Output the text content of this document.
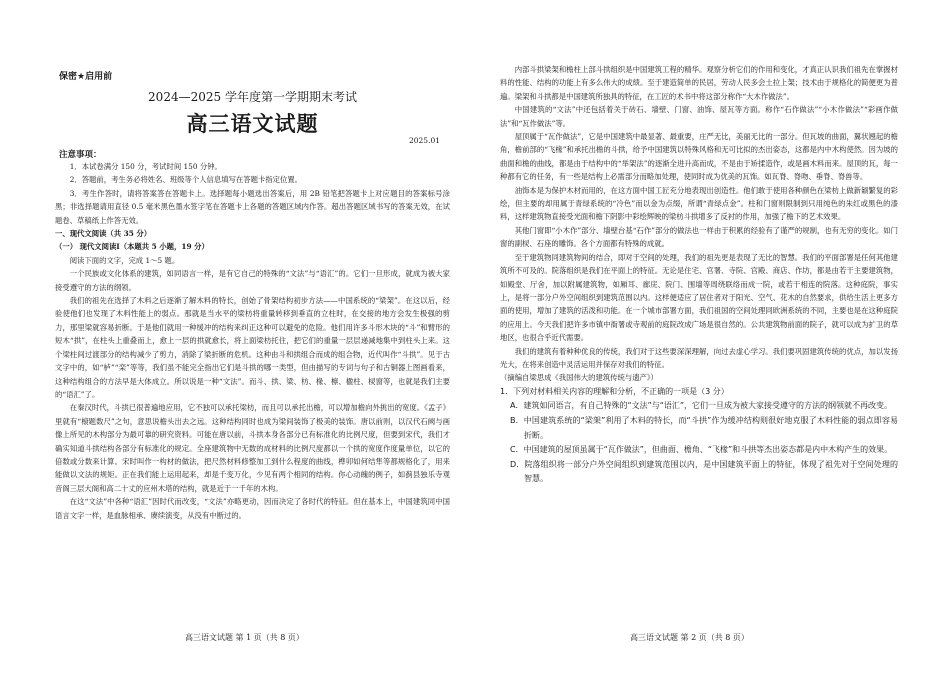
保密★启用前
2024—2025 学年度第一学期期末考试
高三语文试题
2025.01
注意事项：

1．本试卷满分 150 分，考试时间 150 分钟。

2．答题前，考生务必将姓名、班级等个人信息填写在答题卡指定位置。

3．考生作答时，请将答案答在答题卡上。选择题每小题选出答案后，用 2B 铅笔把答题卡上对应题目的答案标号涂黑；非选择题请用直径 0.5 毫米黑色墨水签字笔在答题卡上各题的答题区域内作答。超出答题区域书写的答案无效，在试题卷、草稿纸上作答无效。

一、现代文阅读（共 35 分）

（一） 现代文阅读Ⅰ（本题共 5 小题，19 分）

阅读下面的文字，完成 1～5 题。

一个民族或文化体系的建筑，如同语言一样，是有它自己的特殊的“文法”与“语汇”的。它们一旦形成，就成为被大家接受遵守的方法的纲领。

我们的祖先在选择了木料之后逐渐了解木料的特长，创始了骨架结构初步方法——中国系统的“梁架”。在这以后，经验使他们也发现了木料性能上的弱点。那就是当水平的梁枋将重量转移到垂直的立柱时，在交接的地方会发生极强的剪力，那里梁就容易折断。于是他们就用一种缓冲的结构来纠正这种可以避免的危险。他们用许多斗形木块的“斗”和臂形的短木“拱”，在柱头上重叠而上，愈上一层的拱就愈长，将上面梁枋托住，把它们的重量一层层递减地集中到柱头上来。这个梁柱间过渡部分的结构减少了剪力，消除了梁折断的危机。这种由斗和拱组合而成的组合物，近代叫作“斗拱”。见于古文字中的，如“栌”“栾”等等，我们虽不能完全指出它们是斗拱的哪一类型，但由描写的专词与句子和古铜器上图画看来，这种结构组合的方法早是大体成立。所以说是一种“文法”。而斗、拱、梁、枋、椽、檩、楹柱、棂窗等，也就是我们主要的“语汇”了。

在秦汉时代，斗拱已很普遍地应用，它不独可以承托梁枋，而且可以承托出檐，可以增加檐向外挑出的宽度。《孟子》里就有“榱题数尺”之句，意思说檐头出去之远。这种结构同时也成为梁间装饰了极美的装饰。唐以前则，以汉代石阙与画像上所见的木构部分为最可靠的研究资料。可能在唐以前，斗拱本身各部分已有标准化的比例尺度，但要到宋代，我们才确实知道斗拱结构各部分有标准化的规定。全座建筑物中无数的成材料的比例尺度都以一个拱的宽度作度量单位，以它的倍数或分数来计算。宋时叫作一构材的做法，把尺然材料修整加工到什么程度的曲线，榫卯如何结隼等都规格化了，用来能做以文法的规矩。正在我们能上运用起来，却是千变万化，少见有两个相同的结构。你心动魄的例子，如蓟县独乐寺观音阁三层大阁和高二十丈的应州木塔的结构，就是近于一千年的木构。

在这“文法”中各种“语汇”因时代而改变，“文法”亦略更动，因而决定了各时代的特征。但在基本上，中国建筑同中国语言文字一样，是血脉相承、赓续演变，从没有中断过的。

高三语文试题 第 1 页（共 8 页）

内部斗拱梁架和檐柱上部斗拱组织是中国建筑工程的精华。观察分析它们的作用和变化，才真正认识我们祖先在掌握材料的性能、结构的功能上有多么伟大的成绩。至于建造简单的民居，劳动人民多会土拉上架；技术由于规格化的简便更为普遍。梁架和斗拱都是中国建筑所独具的特征，在工匠的术书中将这部分称作“大木作做法”。

中国建筑的“文法”中还包括着关于砖石、墙壁、门窗、油饰、屋瓦等方面。称作“石作做法”“小木作做法”“彩画作做法”和“瓦作做法”等。

屋顶属于“瓦作做法”，它是中国建筑中最显著、最重要，庄严无比，美丽无比的一部分。但瓦坡的曲面，翼状翘起的檐角，檐前部的“飞椽”和承托出檐的斗拱，给予中国建筑以特殊风格和无可比拟的杰出姿态，这都是内中木构使然。因为坡的曲面和檐的曲线，都是由于结构中的“举架法”的逐渐全进升高而成，不是由于矫揉造作，或是画木料而来。屋顶的瓦，每一种都有它的任务，有一些是结构上必需部分而略加处理，使同时成为优美的瓦饰。如瓦脊、脊吻、垂脊、脊兽等。

油饰本是为保护木材而用的，在这方面中国工匠充分地表现出创造性。他们敢于使用各种颜色在梁枋上做新颖繁复的彩绘，但主要的却用属于青绿系统的“冷色”而以金为点缀，所谓“青绿点金”。柱和门窗则限制到只用纯色的朱红或黑色的漆料，这样建筑物直接受光面和檐下阴影中彩绘辉映的梁枋斗拱增多了反衬的作用，加强了檐下的艺术效果。

其他门窗即“小木作”部分、墙壁台基“石作”部分的做法也一样由于积累的经验有了谨严的规制，也有无穷的变化。如门窗的副棂、石座的雕饰。各个方面都有特殊的成就。

至于建筑物同建筑物间的结合，即对于空间的处理，我们的祖先更是表现了无比的智慧。我们的平面部署是任何其他建筑所不可及的。院落组织是我们在平面上的特征。无论是住宅、官署、寺院、宫殿、商店、作坊，都是由若干主要建筑物，如殿堂、厅舍，加以附属建筑物，如厢耳、廊庑、院门、围墙等周绕联络而成一院，或若干相连的院落。这种庭院，事实上，是将一部分户外空间组织到建筑范围以内。这样便适应了居住者对于阳光、空气、花木的自然要求，供给生活上更多方面的使用，增加了建筑的活泼和功能。在一个城市部署方面，我们祖国的空间处理同欧洲系统的不同，主要也是在这种庭院的应用上。今天我们把许多市镇中衙署或寺观前的庭院改成广场是很自然的。公共建筑物前面的院子，就可以成为扩卫的草地区，也很合乎近代需要。

我们的建筑有着种种优良的传统，我们对于这些要深深理解，向过去虚心学习。我们要巩固建筑传统的优点，加以发扬光大，在将来创造中灵活运用并保存对我们的特征。

（摘编自梁思成《我国伟大的建筑传统与遗产》）

1．下列对材料相关内容的理解和分析，不正确的一项是（3 分）

A．建筑如同语言，有自己特殊的“文法”与“语汇”，它们一旦成为被大家接受遵守的方法的纲领就不再改变。

B．中国建筑系统的“梁架”利用了木料的特长，而“斗拱”作为缓冲结构则很好地克服了木料性能的弱点即容易折断。

C．中国建筑的屋顶虽属于“瓦作做法”，但曲面、檐角、“飞椽”和斗拱等杰出姿态都是内中木构产生的效果。

D．院落组织将一部分户外空间组织到建筑范围以内，是中国建筑平面上的特征，体现了祖先对于空间处理的智慧。

高三语文试题 第 2 页（共 8 页）
